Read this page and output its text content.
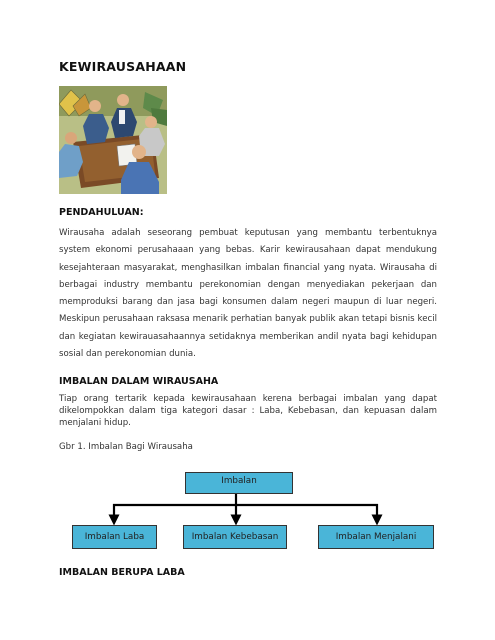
KEWIRAUSAHAAN
PENDAHULUAN:
Wirausaha adalah seseorang pembuat keputusan yang membantu terbentuknya system ekonomi perusahaaan yang bebas. Karir kewirausahaan dapat mendukung kesejahteraan masyarakat, menghasilkan imbalan financial yang nyata. Wirausaha di berbagai industry membantu perekonomian dengan menyediakan pekerjaan dan memproduksi barang dan jasa bagi konsumen dalam negeri maupun di luar negeri. Meskipun perusahaan raksasa menarik perhatian banyak publik akan tetapi bisnis kecil dan kegiatan kewirauasahaannya setidaknya memberikan andil nyata bagi kehidupan sosial dan perekonomian dunia.
IMBALAN DALAM WIRAUSAHA
Tiap orang tertarik kepada kewirausahaan kerena berbagai imbalan yang dapat dikelompokkan dalam tiga kategori dasar : Laba, Kebebasan, dan kepuasan dalam menjalani hidup.
Gbr 1. Imbalan Bagi Wirausaha
Imbalan
Imbalan Laba	Imbalan Kebebasan	Imbalan Menjalani
IMBALAN BERUPA LABA
